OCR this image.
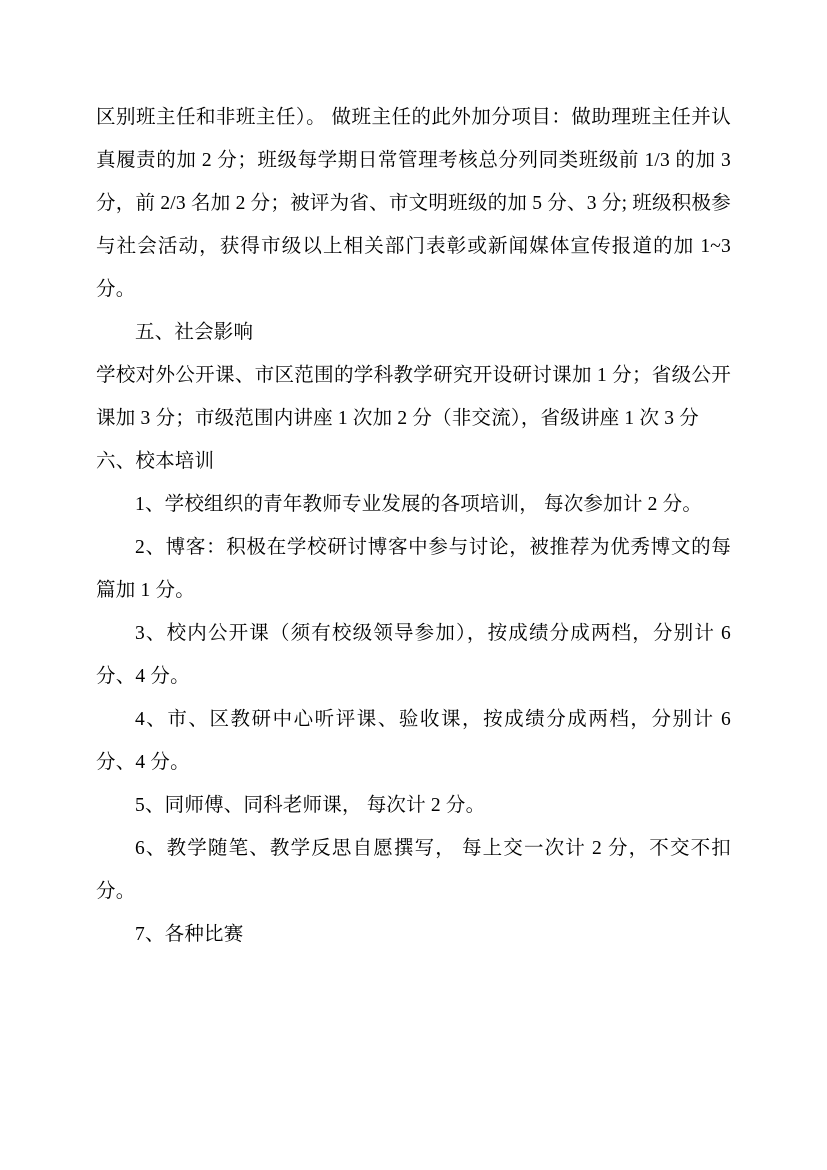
区别班主任和非班主任）。 做班主任的此外加分项目：做助理班主任并认真履责的加 2 分；班级每学期日常管理考核总分列同类班级前 1/3 的加 3 分，前 2/3 名加 2 分；被评为省、市文明班级的加 5 分、3 分; 班级积极参与社会活动，获得市级以上相关部门表彰或新闻媒体宣传报道的加 1~3 分。

五、社会影响

学校对外公开课、市区范围的学科教学研究开设研讨课加 1 分；省级公开课加 3 分；市级范围内讲座 1 次加 2 分（非交流），省级讲座 1 次 3 分

六、校本培训

1、学校组织的青年教师专业发展的各项培训， 每次参加计 2 分。

2、博客：积极在学校研讨博客中参与讨论，被推荐为优秀博文的每篇加 1 分。

3、校内公开课（须有校级领导参加），按成绩分成两档，分别计 6 分、4 分。

4、市、区教研中心听评课、验收课，按成绩分成两档，分别计 6 分、4 分。

5、同师傅、同科老师课， 每次计 2 分。

6、教学随笔、教学反思自愿撰写， 每上交一次计 2 分，不交不扣分。

7、各种比赛
